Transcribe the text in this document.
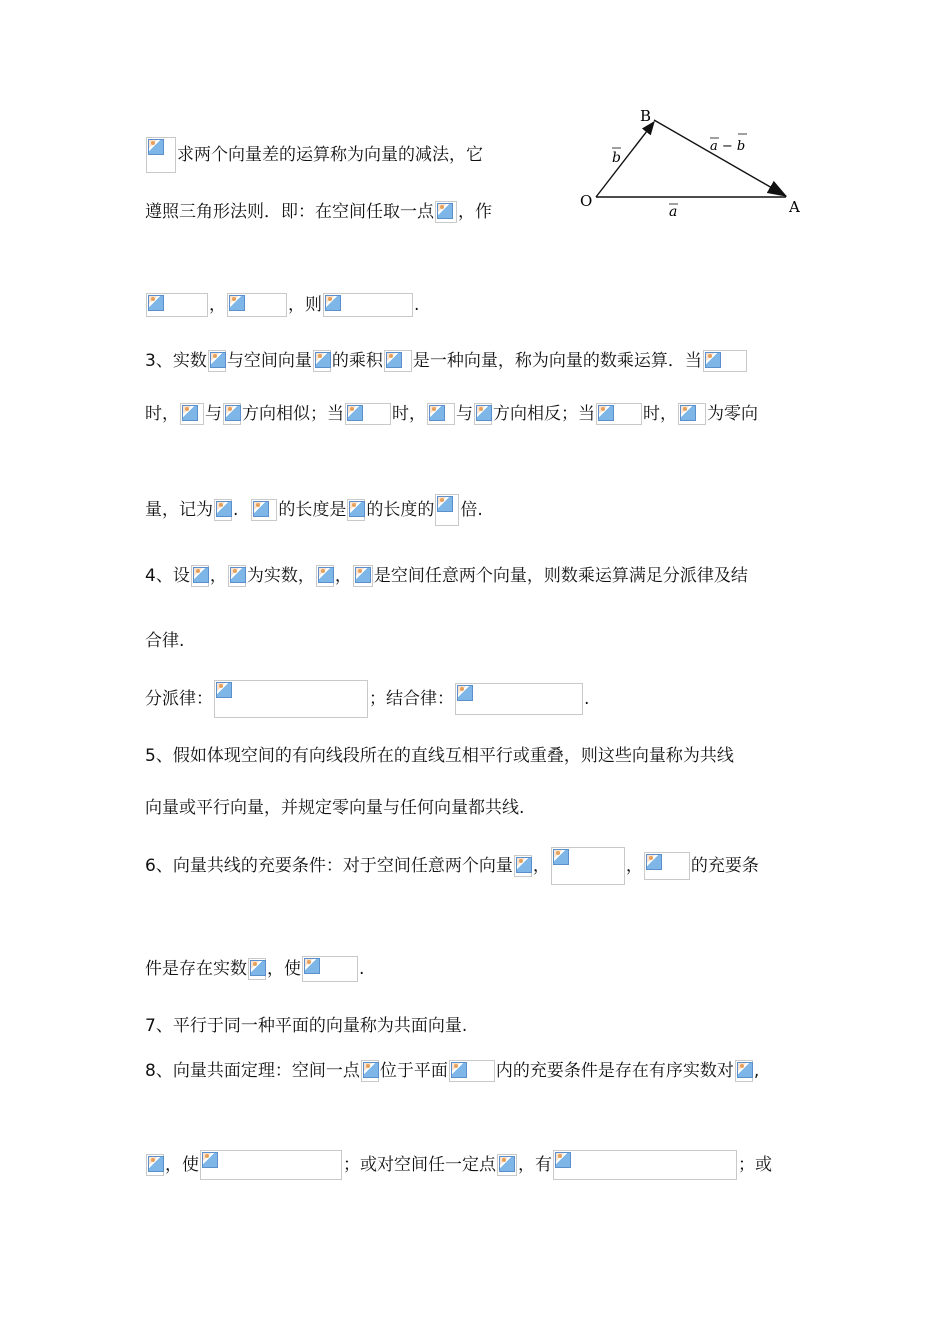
O	A
B
a
b
a − b
求两个向量差的运算称为向量的减法，它
遵照三角形法则．即：在空间任取一点 ，作
，	，则	.
3、实数 与空间向量 的乘积 是一种向量，称为向量的数乘运算．当
时， 与 方向相似；当	时， 与 方向相反；当	时， 为零向
量，记为 . 的长度是 的长度的 倍.
4、设 ， 为实数， ， 是空间任意两个向量，则数乘运算满足分派律及结
合律.
分派律：	；结合律：	.
5、假如体现空间的有向线段所在的直线互相平行或重叠，则这些向量称为共线
向量或平行向量，并规定零向量与任何向量都共线.
6、向量共线的充要条件：对于空间任意两个向量 ，	，	的充要条
件是存在实数 ，使	.
7、平行于同一种平面的向量称为共面向量.
8、向量共面定理：空间一点 位于平面	内的充要条件是存在有序实数对 ,
，使	；或对空间任一定点 ，有	；或
